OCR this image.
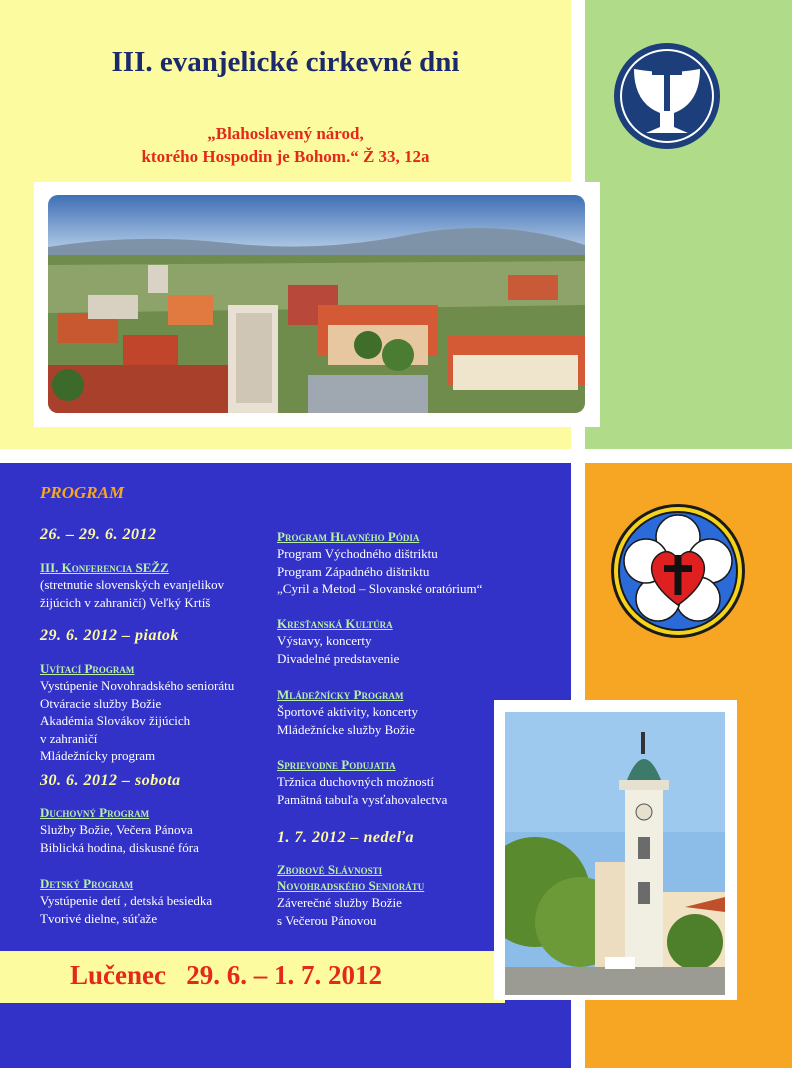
III. evanjelické cirkevné dni
„Blahoslavený národ,
ktorého Hospodin je Bohom.“ Ž 33, 12a
PROGRAM
26. – 29. 6. 2012
III. Konferencia SEŽZ
(stretnutie slovenských evanjelikov
žijúcich v zahraničí) Veľký Krtíš
29. 6. 2012 – piatok
Uvítací Program
Vystúpenie Novohradského seniorátu
Otváracie služby Božie
Akadémia Slovákov žijúcich
v zahraničí
Mládežnícky program
30. 6. 2012 – sobota
Duchovný Program
Služby Božie, Večera Pánova
Biblická hodina, diskusné fóra
Detský Program
Vystúpenie detí , detská besiedka
Tvorivé dielne, súťaže
Program Hlavného Pódia
Program Východného dištriktu
Program Západného dištriktu
„Cyril a Metod – Slovanské oratórium“
Kresťanská Kultúra
Výstavy, koncerty
Divadelné predstavenie
Mládežnícky Program
Športové aktivity, koncerty
Mládežnícke služby Božie
Sprievodne Podujatia
Tržnica duchovných možností
Pamätná tabuľa vysťahovalectva
1. 7. 2012 – nedeľa
Zborové Slávnosti
Novohradského Seniorátu
Záverečné služby Božie
s Večerou Pánovou
Lučenec   29. 6. – 1. 7. 2012
